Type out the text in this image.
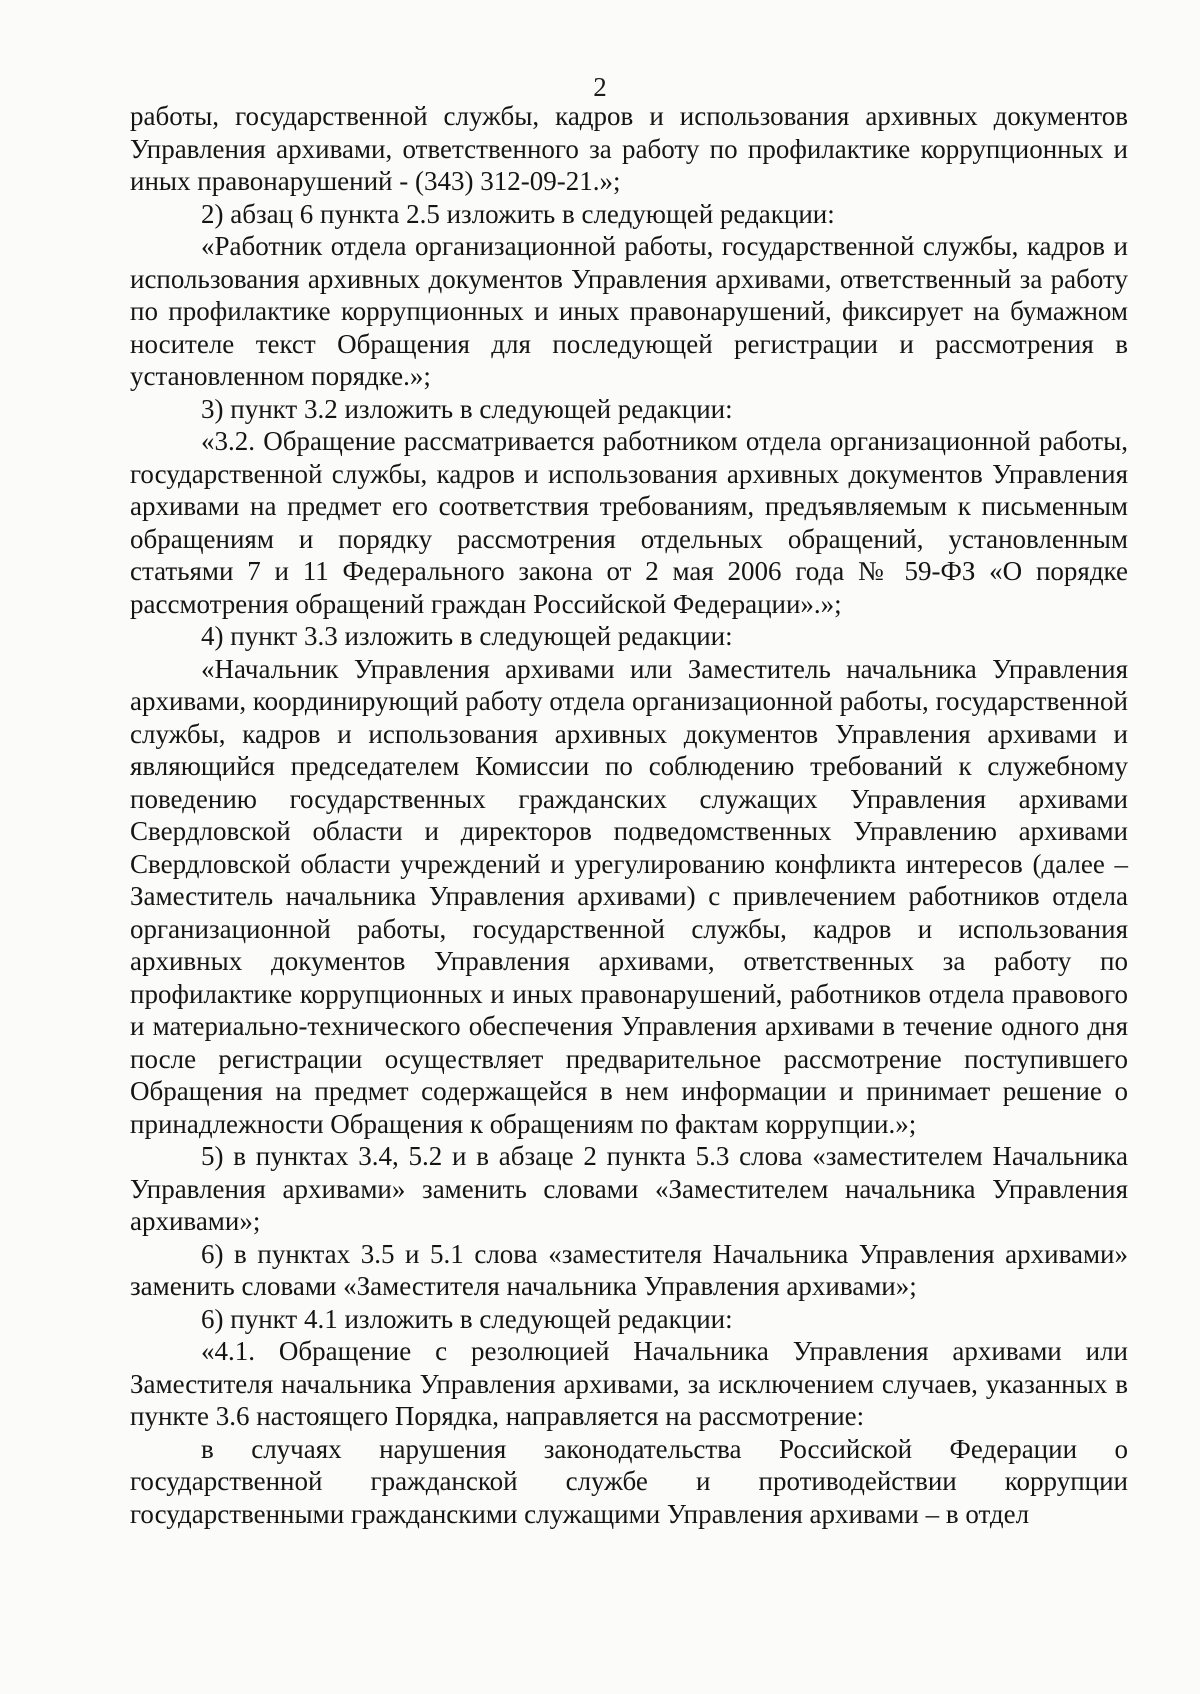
2

работы, государственной службы, кадров и использования архивных документов Управления архивами, ответственного за работу по профилактике коррупционных и иных правонарушений - (343) 312-09-21.»;

2) абзац 6 пункта 2.5 изложить в следующей редакции:

«Работник отдела организационной работы, государственной службы, кадров и использования архивных документов Управления архивами, ответственный за работу по профилактике коррупционных и иных правонарушений, фиксирует на бумажном носителе текст Обращения для последующей регистрации и рассмотрения в установленном порядке.»;

3) пункт 3.2 изложить в следующей редакции:

«3.2. Обращение рассматривается работником отдела организационной работы, государственной службы, кадров и использования архивных документов Управления архивами на предмет его соответствия требованиям, предъявляемым к письменным обращениям и порядку рассмотрения отдельных обращений, установленным статьями 7 и 11 Федерального закона от 2 мая 2006 года № 59-ФЗ «О порядке рассмотрения обращений граждан Российской Федерации».»;

4) пункт 3.3 изложить в следующей редакции:

«Начальник Управления архивами или Заместитель начальника Управления архивами, координирующий работу отдела организационной работы, государственной службы, кадров и использования архивных документов Управления архивами и являющийся председателем Комиссии по соблюдению требований к служебному поведению государственных гражданских служащих Управления архивами Свердловской области и директоров подведомственных Управлению архивами Свердловской области учреждений и урегулированию конфликта интересов (далее – Заместитель начальника Управления архивами) с привлечением работников отдела организационной работы, государственной службы, кадров и использования архивных документов Управления архивами, ответственных за работу по профилактике коррупционных и иных правонарушений, работников отдела правового и материально-технического обеспечения Управления архивами в течение одного дня после регистрации осуществляет предварительное рассмотрение поступившего Обращения на предмет содержащейся в нем информации и принимает решение о принадлежности Обращения к обращениям по фактам коррупции.»;

5) в пунктах 3.4, 5.2 и в абзаце 2 пункта 5.3 слова «заместителем Начальника Управления архивами» заменить словами «Заместителем начальника Управления архивами»;

6) в пунктах 3.5 и 5.1 слова «заместителя Начальника Управления архивами» заменить словами «Заместителя начальника Управления архивами»;

6) пункт 4.1 изложить в следующей редакции:

«4.1. Обращение с резолюцией Начальника Управления архивами или Заместителя начальника Управления архивами, за исключением случаев, указанных в пункте 3.6 настоящего Порядка, направляется на рассмотрение:

в случаях нарушения законодательства Российской Федерации о государственной гражданской службе и противодействии коррупции государственными гражданскими служащими Управления архивами – в отдел
